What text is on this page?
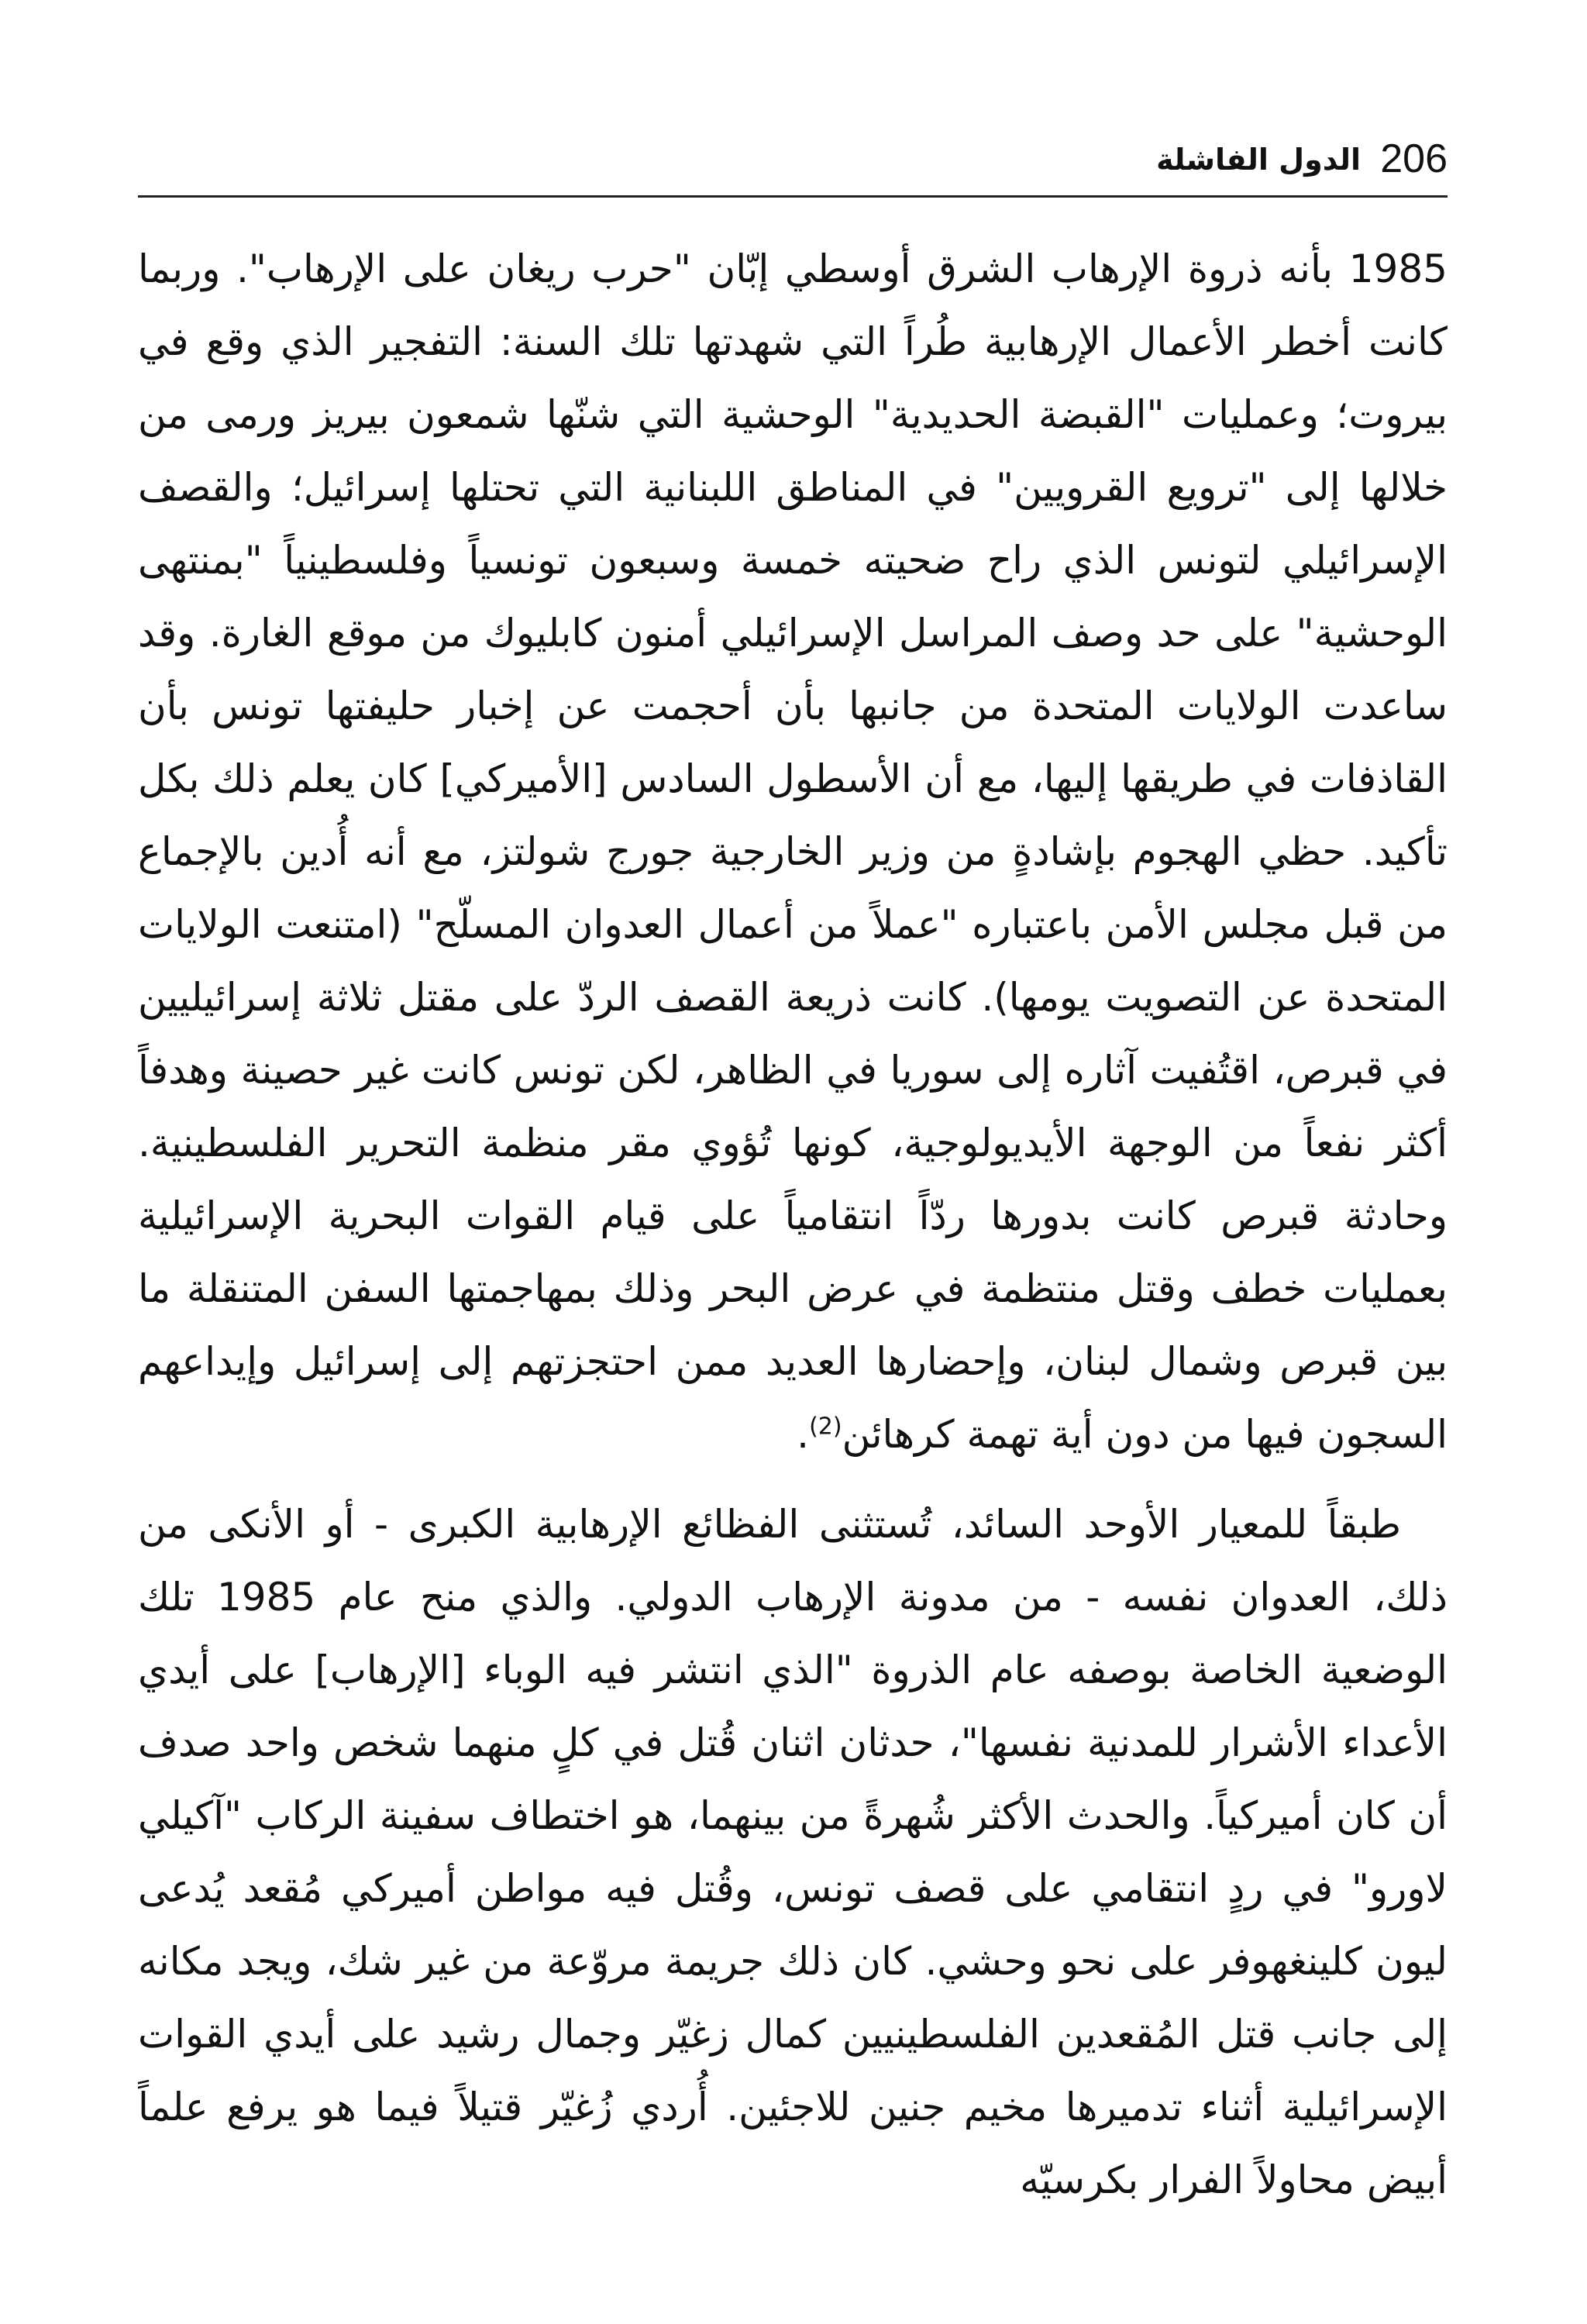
206
الدول الفاشلة

1985 بأنه ذروة الإرهاب الشرق أوسطي إبّان "حرب ريغان على الإرهاب". وربما كانت أخطر الأعمال الإرهابية طُراً التي شهدتها تلك السنة: التفجير الذي وقع في بيروت؛ وعمليات "القبضة الحديدية" الوحشية التي شنّها شمعون بيريز ورمى من خلالها إلى "ترويع القرويين" في المناطق اللبنانية التي تحتلها إسرائيل؛ والقصف الإسرائيلي لتونس الذي راح ضحيته خمسة وسبعون تونسياً وفلسطينياً "بمنتهى الوحشية" على حد وصف المراسل الإسرائيلي أمنون كابليوك من موقع الغارة. وقد ساعدت الولايات المتحدة من جانبها بأن أحجمت عن إخبار حليفتها تونس بأن القاذفات في طريقها إليها، مع أن الأسطول السادس [الأميركي] كان يعلم ذلك بكل تأكيد. حظي الهجوم بإشادةٍ من وزير الخارجية جورج شولتز، مع أنه أُدين بالإجماع من قبل مجلس الأمن باعتباره "عملاً من أعمال العدوان المسلّح" (امتنعت الولايات المتحدة عن التصويت يومها). كانت ذريعة القصف الردّ على مقتل ثلاثة إسرائيليين في قبرص، اقتُفيت آثاره إلى سوريا في الظاهر، لكن تونس كانت غير حصينة وهدفاً أكثر نفعاً من الوجهة الأيديولوجية، كونها تُؤوي مقر منظمة التحرير الفلسطينية. وحادثة قبرص كانت بدورها ردّاً انتقامياً على قيام القوات البحرية الإسرائيلية بعمليات خطف وقتل منتظمة في عرض البحر وذلك بمهاجمتها السفن المتنقلة ما بين قبرص وشمال لبنان، وإحضارها العديد ممن احتجزتهم إلى إسرائيل وإيداعهم السجون فيها من دون أية تهمة كرهائن$^{(2)}$.

طبقاً للمعيار الأوحد السائد، تُستثنى الفظائع الإرهابية الكبرى - أو الأنكى من ذلك، العدوان نفسه - من مدونة الإرهاب الدولي. والذي منح عام 1985 تلك الوضعية الخاصة بوصفه عام الذروة "الذي انتشر فيه الوباء [الإرهاب] على أيدي الأعداء الأشرار للمدنية نفسها"، حدثان اثنان قُتل في كلٍ منهما شخص واحد صدف أن كان أميركياً. والحدث الأكثر شُهرةً من بينهما، هو اختطاف سفينة الركاب "آكيلي لاورو" في ردٍ انتقامي على قصف تونس، وقُتل فيه مواطن أميركي مُقعد يُدعى ليون كلينغهوفر على نحو وحشي. كان ذلك جريمة مروّعة من غير شك، ويجد مكانه إلى جانب قتل المُقعدين الفلسطينيين كمال زغيّر وجمال رشيد على أيدي القوات الإسرائيلية أثناء تدميرها مخيم جنين للاجئين. أُردي زُغيّر قتيلاً فيما هو يرفع علماً أبيض محاولاً الفرار بكرسيّه
